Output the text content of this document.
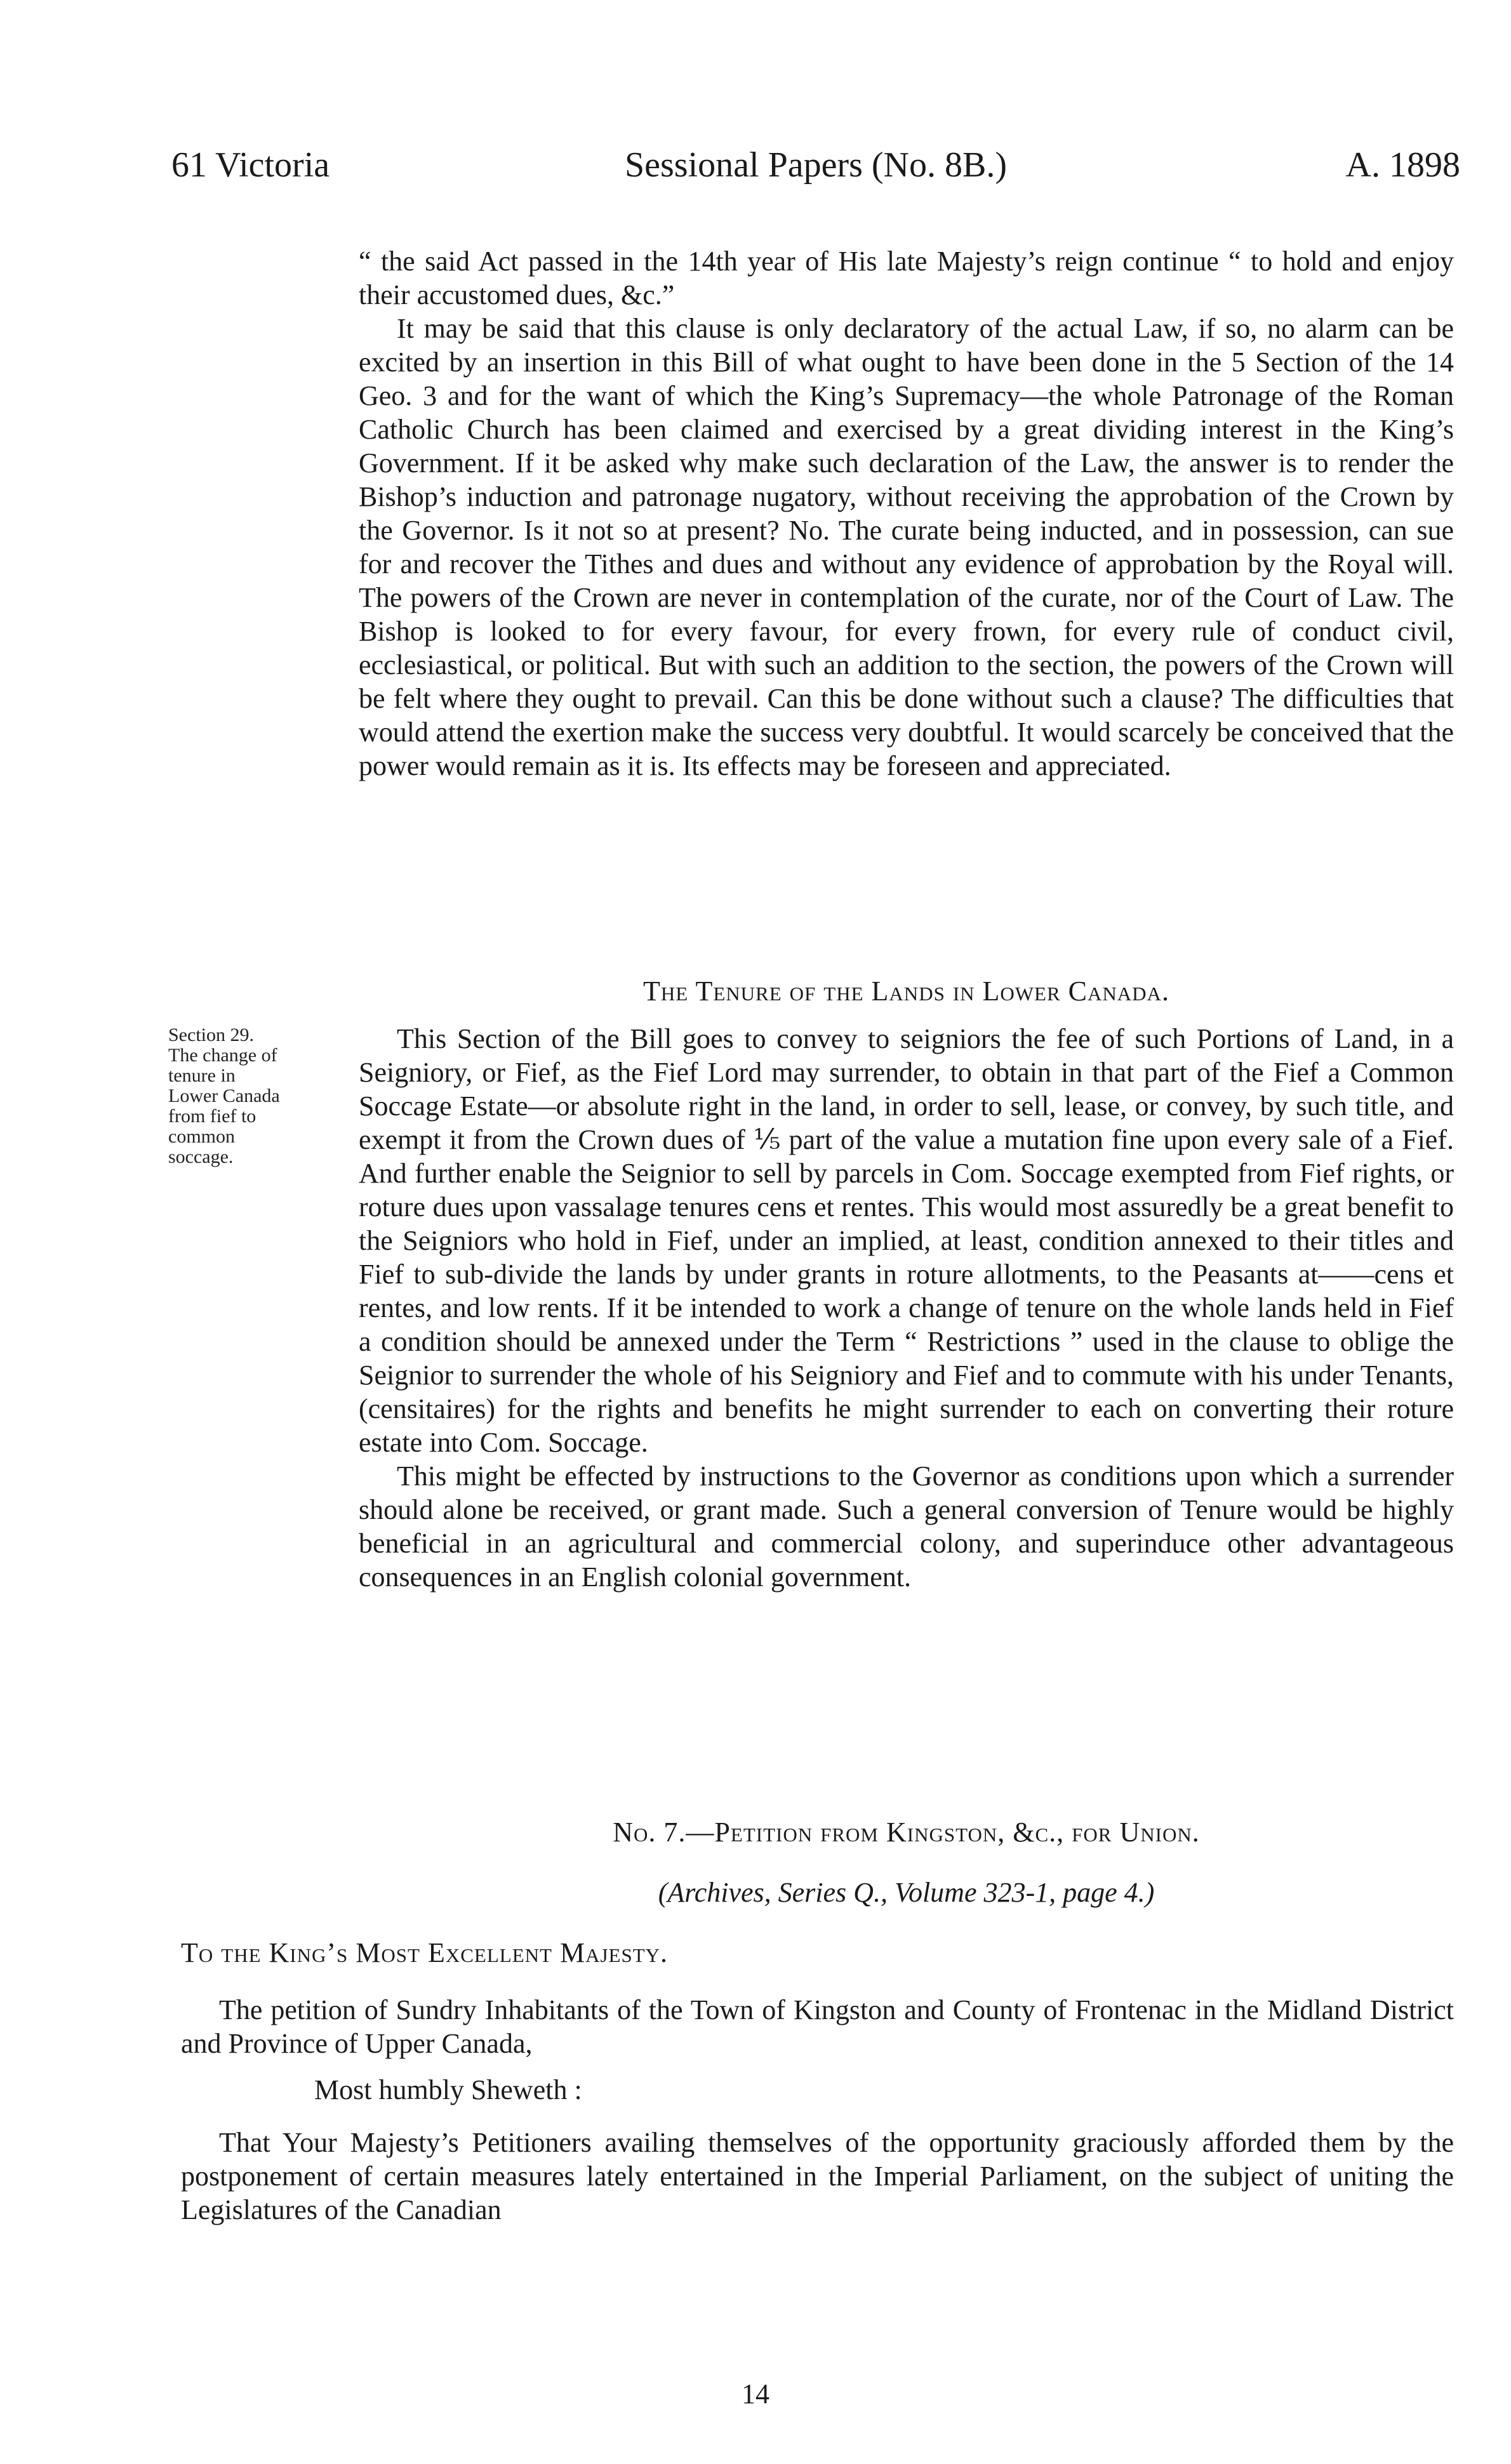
61 Victoria	Sessional Papers (No. 8B.)	A. 1898

“ the said Act passed in the 14th year of His late Majesty’s reign continue “ to hold and enjoy their accustomed dues, &c.”

It may be said that this clause is only declaratory of the actual Law, if so, no alarm can be excited by an insertion in this Bill of what ought to have been done in the 5 Section of the 14 Geo. 3 and for the want of which the King’s Supremacy—the whole Patronage of the Roman Catholic Church has been claimed and exercised by a great dividing interest in the King’s Government. If it be asked why make such declaration of the Law, the answer is to render the Bishop’s induction and patronage nugatory, without receiving the approbation of the Crown by the Governor. Is it not so at present? No. The curate being inducted, and in possession, can sue for and recover the Tithes and dues and without any evidence of approbation by the Royal will. The powers of the Crown are never in contemplation of the curate, nor of the Court of Law. The Bishop is looked to for every favour, for every frown, for every rule of conduct civil, ecclesiastical, or political. But with such an addition to the section, the powers of the Crown will be felt where they ought to prevail. Can this be done without such a clause? The difficulties that would attend the exertion make the success very doubtful. It would scarcely be conceived that the power would remain as it is. Its effects may be foreseen and appreciated.

The Tenure of the Lands in Lower Canada.
Section 29.
The change of
tenure in
Lower Canada
from fief to
common
soccage.

This Section of the Bill goes to convey to seigniors the fee of such Portions of Land, in a Seigniory, or Fief, as the Fief Lord may surrender, to obtain in that part of the Fief a Common Soccage Estate—or absolute right in the land, in order to sell, lease, or convey, by such title, and exempt it from the Crown dues of ⅕ part of the value a mutation fine upon every sale of a Fief. And further enable the Seignior to sell by parcels in Com. Soccage exempted from Fief rights, or roture dues upon vassalage tenures cens et rentes. This would most assuredly be a great benefit to the Seigniors who hold in Fief, under an implied, at least, condition annexed to their titles and Fief to sub-divide the lands by under grants in roture allotments, to the Peasants at——cens et rentes, and low rents. If it be intended to work a change of tenure on the whole lands held in Fief a condition should be annexed under the Term “ Restrictions ” used in the clause to oblige the Seignior to surrender the whole of his Seigniory and Fief and to commute with his under Tenants, (censitaires) for the rights and benefits he might surrender to each on converting their roture estate into Com. Soccage.

This might be effected by instructions to the Governor as conditions upon which a surrender should alone be received, or grant made. Such a general conversion of Tenure would be highly beneficial in an agricultural and commercial colony, and superinduce other advantageous consequences in an English colonial government.

No. 7.—Petition from Kingston, &c., for Union.
(Archives, Series Q., Volume 323-1, page 4.)
To the King’s Most Excellent Majesty.

The petition of Sundry Inhabitants of the Town of Kingston and County of Frontenac in the Midland District and Province of Upper Canada,

Most humbly Sheweth :

That Your Majesty’s Petitioners availing themselves of the opportunity graciously afforded them by the postponement of certain measures lately entertained in the Imperial Parliament, on the subject of uniting the Legislatures of the Canadian

14
